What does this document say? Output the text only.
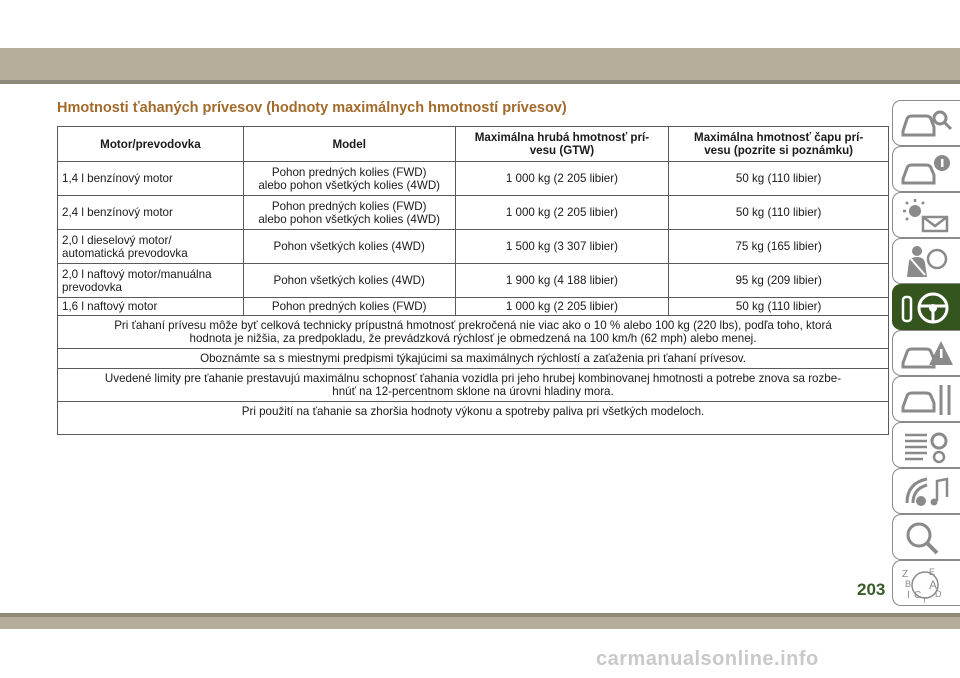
Hmotnosti ťahaných prívesov (hodnoty maximálnych hmotností prívesov)
Motor/prevodovka	Model	Maximálna hrubá hmotnosť prí-
vesu (GTW)	Maximálna hmotnosť čapu prí-
vesu (pozrite si poznámku)
1,4 l benzínový motor	Pohon predných kolies (FWD)
alebo pohon všetkých kolies (4WD)	1 000 kg (2 205 libier)	50 kg (110 libier)
2,4 l benzínový motor	Pohon predných kolies (FWD)
alebo pohon všetkých kolies (4WD)	1 000 kg (2 205 libier)	50 kg (110 libier)
2,0 l dieselový motor/
automatická prevodovka	Pohon všetkých kolies (4WD)	1 500 kg (3 307 libier)	75 kg (165 libier)
2,0 l naftový motor/manuálna
prevodovka	Pohon všetkých kolies (4WD)	1 900 kg (4 188 libier)	95 kg (209 libier)
1,6 l naftový motor	Pohon predných kolies (FWD)	1 000 kg (2 205 libier)	50 kg (110 libier)
Pri ťahaní prívesu môže byť celková technicky prípustná hmotnosť prekročená nie viac ako o 10 % alebo 100 kg (220 lbs), podľa toho, ktorá
hodnota je nižšia, za predpokladu, že prevádzková rýchlosť je obmedzená na 100 km/h (62 mph) alebo menej.			
Oboznámte sa s miestnymi predpismi týkajúcimi sa maximálnych rýchlostí a zaťaženia pri ťahaní prívesov.			
Uvedené limity pre ťahanie prestavujú maximálnu schopnosť ťahania vozidla pri jeho hrubej kombinovanej hmotnosti a potrebe znova sa rozbe-
hnúť na 12-percentnom sklone na úrovni hladiny mora.			
Pri použití na ťahanie sa zhoršia hodnoty výkonu a spotreby paliva pri všetkých modeloch.			
Z E
B A
C D
I T
203
carmanualsonline.info
